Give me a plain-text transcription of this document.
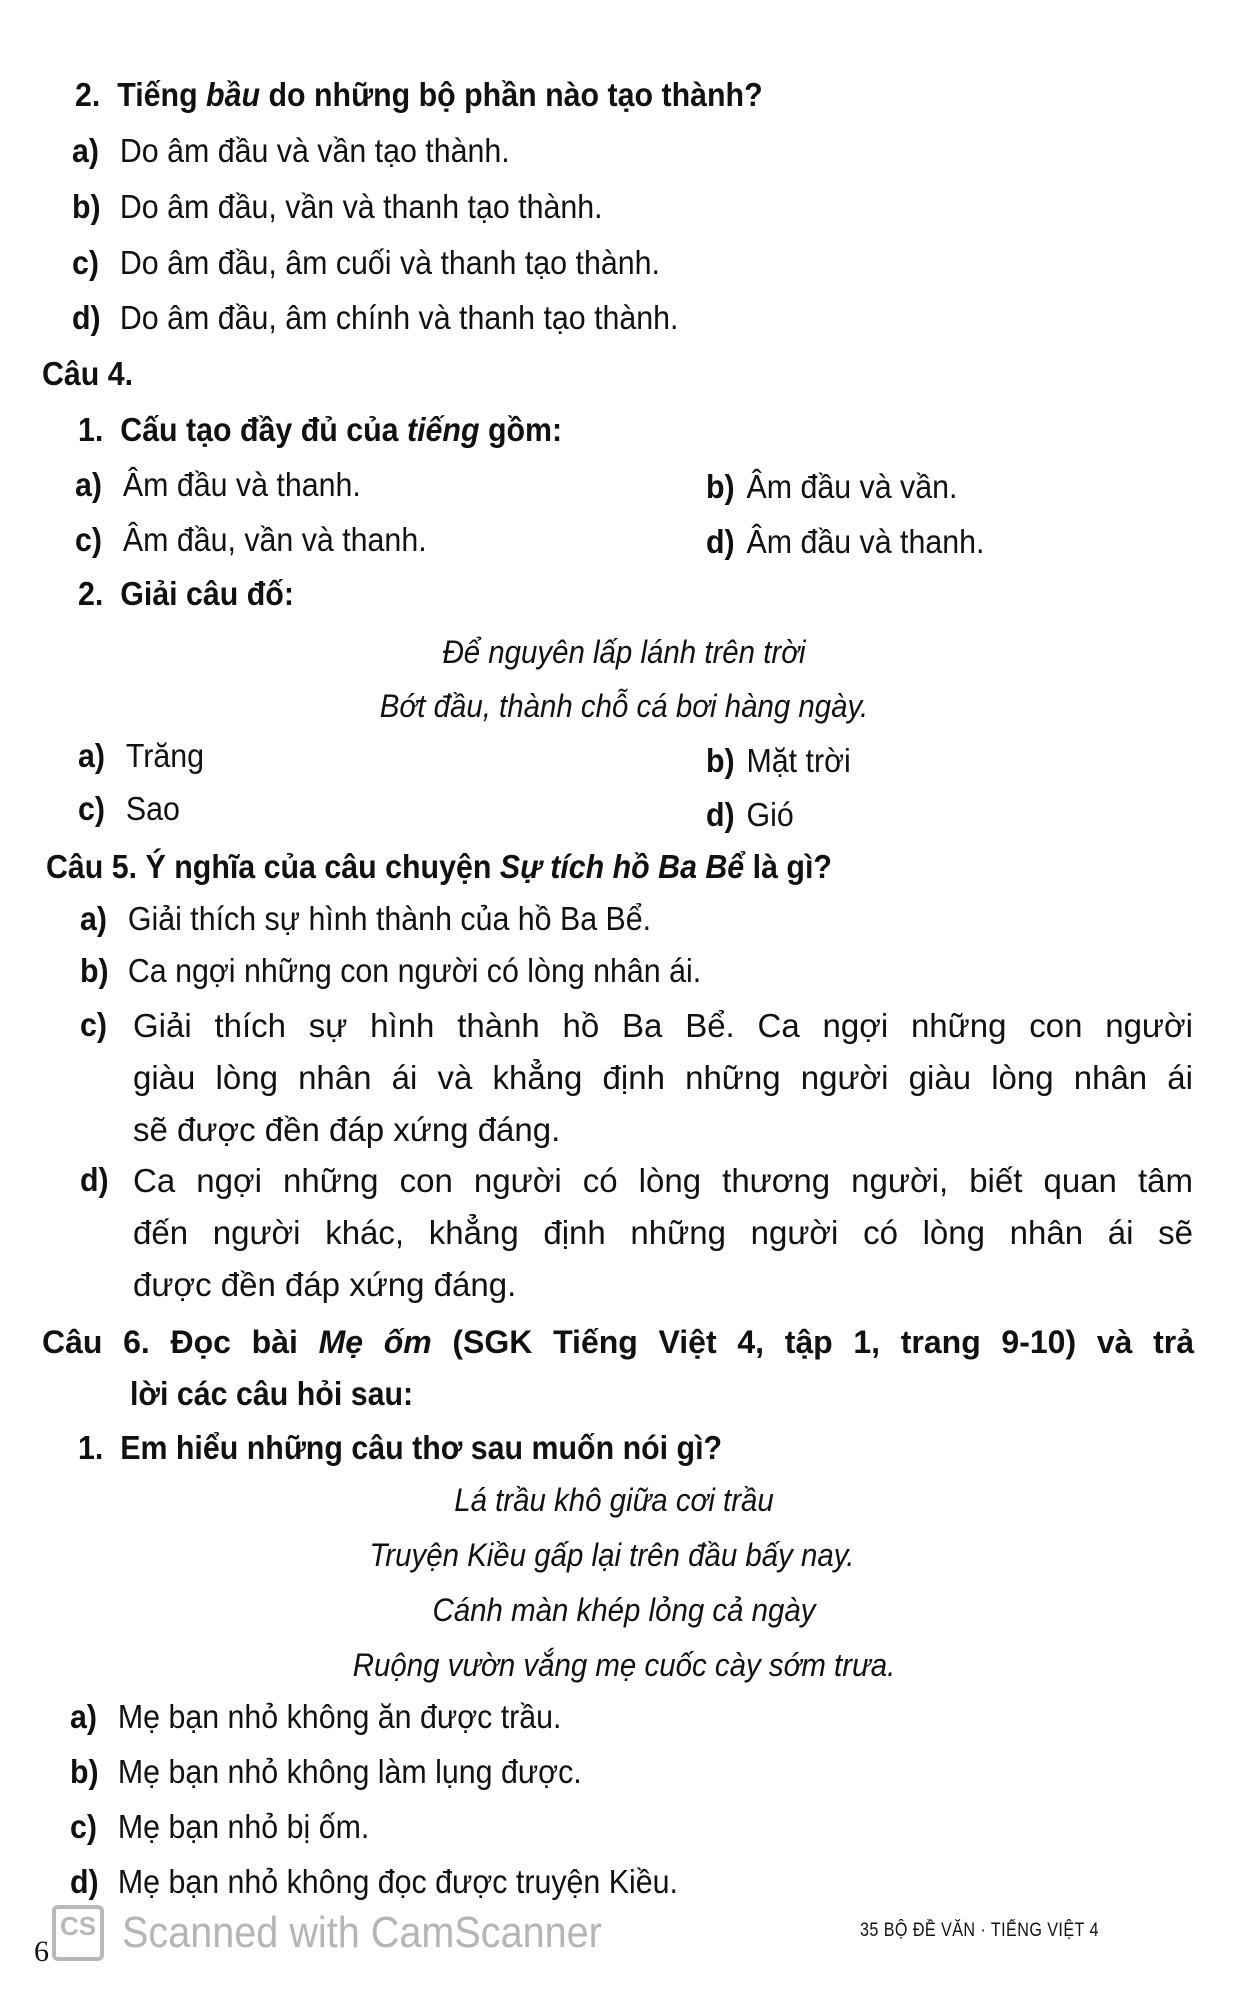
2. Tiếng bầu do những bộ phần nào tạo thành?
a) Do âm đầu và vần tạo thành.
b) Do âm đầu, vần và thanh tạo thành.
c) Do âm đầu, âm cuối và thanh tạo thành.
d) Do âm đầu, âm chính và thanh tạo thành.
Câu 4.
1. Cấu tạo đầy đủ của tiếng gồm:
a) Âm đầu và thanh.	b) Âm đầu và vần.
c) Âm đầu, vần và thanh.	d) Âm đầu và thanh.
2. Giải câu đố:
Để nguyên lấp lánh trên trời
Bớt đầu, thành chỗ cá bơi hàng ngày.
a) Trăng	b) Mặt trời
c) Sao	d) Gió
Câu 5. Ý nghĩa của câu chuyện Sự tích hồ Ba Bể là gì?
a) Giải thích sự hình thành của hồ Ba Bể.
b) Ca ngợi những con người có lòng nhân ái.
c) Giải thích sự hình thành hồ Ba Bể. Ca ngợi những con người
giàu lòng nhân ái và khẳng định những người giàu lòng nhân ái
sẽ được đền đáp xứng đáng.
d) Ca ngợi những con người có lòng thương người, biết quan tâm
đến người khác, khẳng định những người có lòng nhân ái sẽ
được đền đáp xứng đáng.
Câu 6. Đọc bài Mẹ ốm (SGK Tiếng Việt 4, tập 1, trang 9-10) và trả
lời các câu hỏi sau:
1. Em hiểu những câu thơ sau muốn nói gì?
Lá trầu khô giữa cơi trầu
Truyện Kiều gấp lại trên đầu bấy nay.
Cánh màn khép lỏng cả ngày
Ruộng vườn vắng mẹ cuốc cày sớm trưa.
a) Mẹ bạn nhỏ không ăn được trầu.
b) Mẹ bạn nhỏ không làm lụng được.
c) Mẹ bạn nhỏ bị ốm.
d) Mẹ bạn nhỏ không đọc được truyện Kiều.
6
CS Scanned with CamScanner	35 BỘ ĐỀ VĂN · TIẾNG VIỆT 4
